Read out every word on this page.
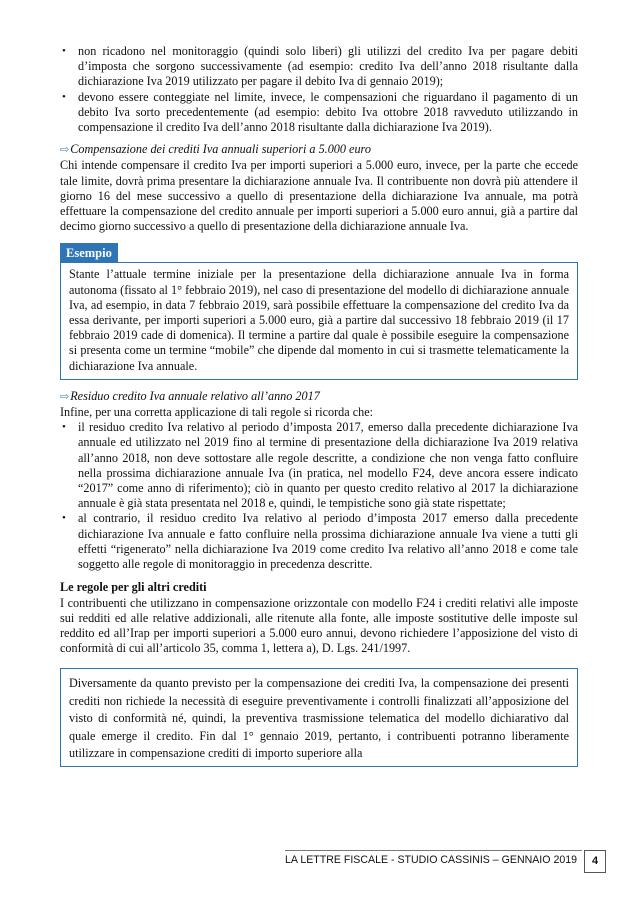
• non ricadono nel monitoraggio (quindi solo liberi) gli utilizzi del credito Iva per pagare debiti d’imposta che sorgono successivamente (ad esempio: credito Iva dell’anno 2018 risultante dalla dichiarazione Iva 2019 utilizzato per pagare il debito Iva di gennaio 2019);
• devono essere conteggiate nel limite, invece, le compensazioni che riguardano il pagamento di un debito Iva sorto precedentemente (ad esempio: debito Iva ottobre 2018 ravveduto utilizzando in compensazione il credito Iva dell’anno 2018 risultante dalla dichiarazione Iva 2019).

⇨Compensazione dei crediti Iva annuali superiori a 5.000 euro

Chi intende compensare il credito Iva per importi superiori a 5.000 euro, invece, per la parte che eccede tale limite, dovrà prima presentare la dichiarazione annuale Iva. Il contribuente non dovrà più attendere il giorno 16 del mese successivo a quello di presentazione della dichiarazione Iva annuale, ma potrà effettuare la compensazione del credito annuale per importi superiori a 5.000 euro annui, già a partire dal decimo giorno successivo a quello di presentazione della dichiarazione annuale Iva.

Esempio

Stante l’attuale termine iniziale per la presentazione della dichiarazione annuale Iva in forma autonoma (fissato al 1° febbraio 2019), nel caso di presentazione del modello di dichiarazione annuale Iva, ad esempio, in data 7 febbraio 2019, sarà possibile effettuare la compensazione del credito Iva da essa derivante, per importi superiori a 5.000 euro, già a partire dal successivo 18 febbraio 2019 (il 17 febbraio 2019 cade di domenica). Il termine a partire dal quale è possibile eseguire la compensazione si presenta come un termine “mobile” che dipende dal momento in cui si trasmette telematicamente la dichiarazione Iva annuale.

⇨Residuo credito Iva annuale relativo all’anno 2017

Infine, per una corretta applicazione di tali regole si ricorda che:

• il residuo credito Iva relativo al periodo d’imposta 2017, emerso dalla precedente dichiarazione Iva annuale ed utilizzato nel 2019 fino al termine di presentazione della dichiarazione Iva 2019 relativa all’anno 2018, non deve sottostare alle regole descritte, a condizione che non venga fatto confluire nella prossima dichiarazione annuale Iva (in pratica, nel modello F24, deve ancora essere indicato “2017” come anno di riferimento); ciò in quanto per questo credito relativo al 2017 la dichiarazione annuale è già stata presentata nel 2018 e, quindi, le tempistiche sono già state rispettate;
• al contrario, il residuo credito Iva relativo al periodo d’imposta 2017 emerso dalla precedente dichiarazione Iva annuale e fatto confluire nella prossima dichiarazione annuale Iva viene a tutti gli effetti “rigenerato” nella dichiarazione Iva 2019 come credito Iva relativo all’anno 2018 e come tale soggetto alle regole di monitoraggio in precedenza descritte.

Le regole per gli altri crediti

I contribuenti che utilizzano in compensazione orizzontale con modello F24 i crediti relativi alle imposte sui redditi ed alle relative addizionali, alle ritenute alla fonte, alle imposte sostitutive delle imposte sul reddito ed all’Irap per importi superiori a 5.000 euro annui, devono richiedere l’apposizione del visto di conformità di cui all’articolo 35, comma 1, lettera a), D. Lgs. 241/1997.

Diversamente da quanto previsto per la compensazione dei crediti Iva, la compensazione dei presenti crediti non richiede la necessità di eseguire preventivamente i controlli finalizzati all’apposizione del visto di conformità né, quindi, la preventiva trasmissione telematica del modello dichiarativo dal quale emerge il credito. Fin dal 1° gennaio 2019, pertanto, i contribuenti potranno liberamente utilizzare in compensazione crediti di importo superiore alla

LA LETTRE FISCALE - STUDIO CASSINIS – GENNAIO 2019	4
